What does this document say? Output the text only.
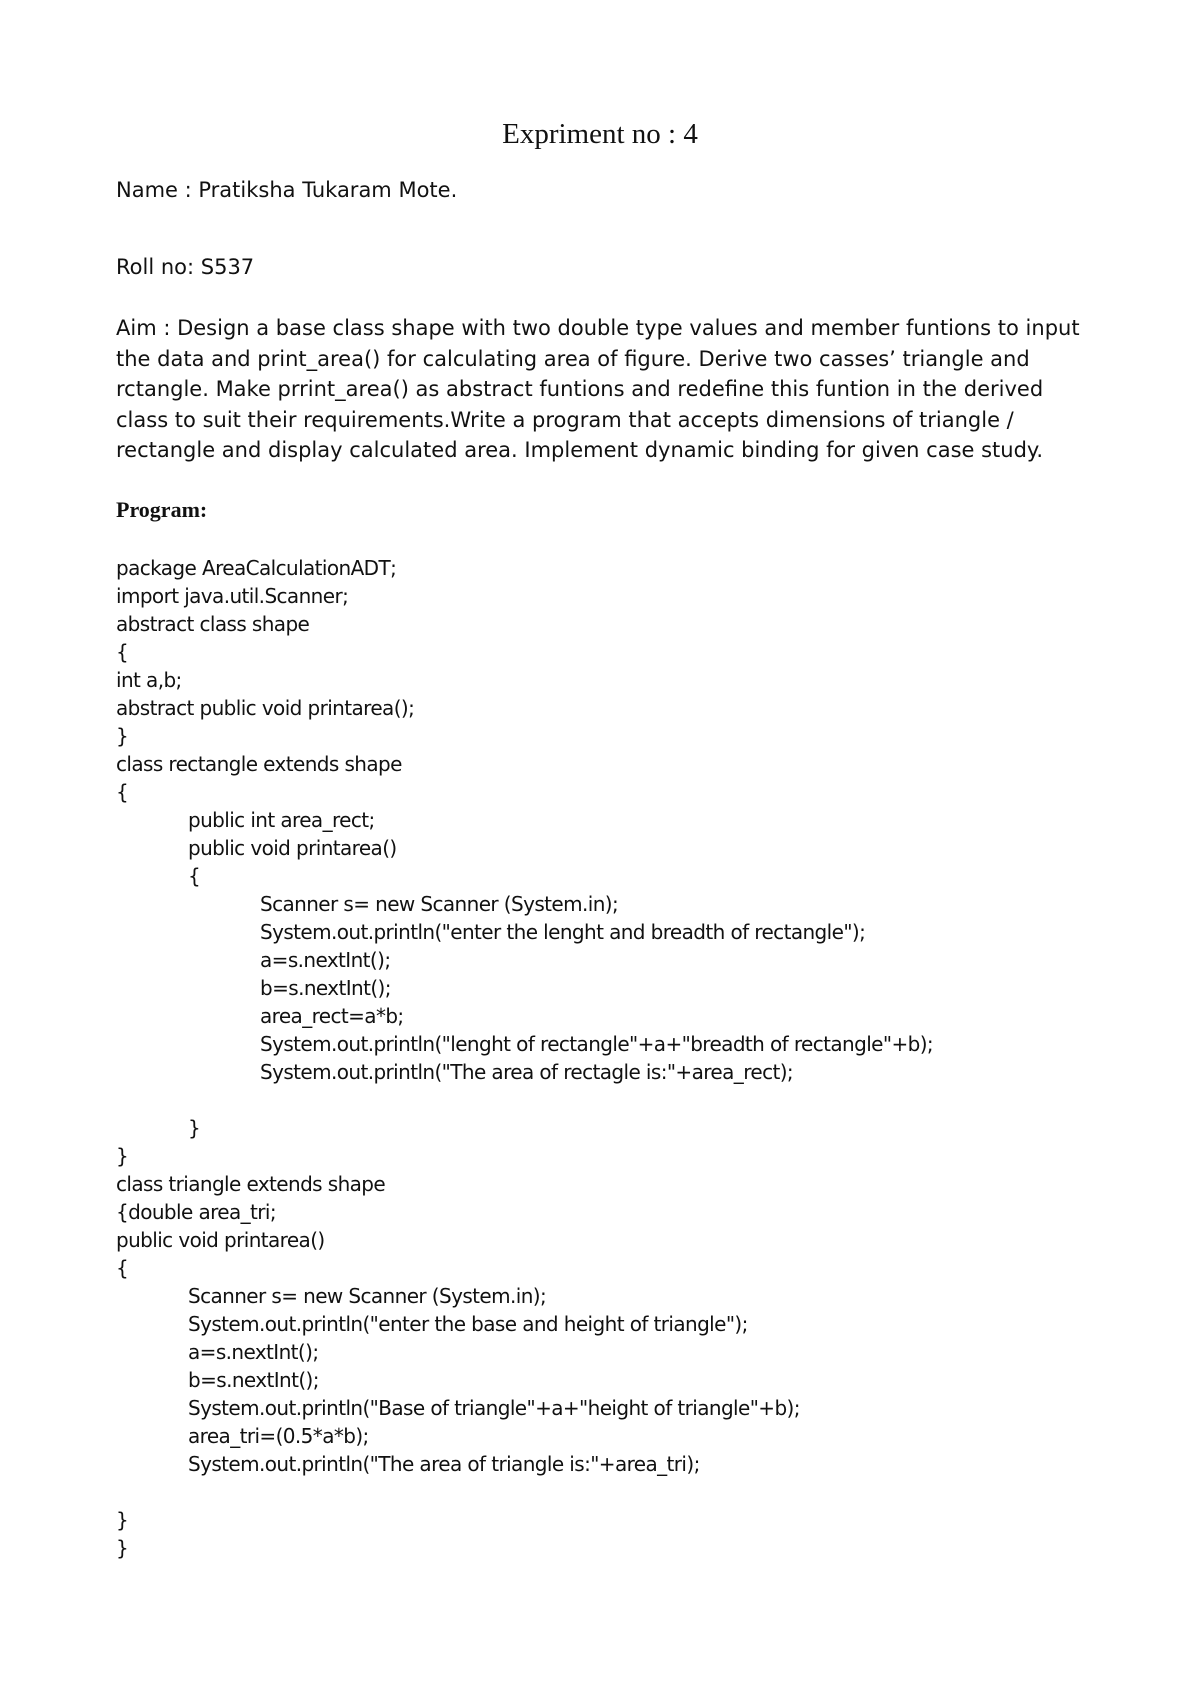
Expriment no : 4

Name : Pratiksha Tukaram Mote.

Roll no: S537

Aim : Design a base class shape with two double type values and member funtions to input the data and print_area() for calculating area of figure. Derive two casses’ triangle and rctangle. Make prrint_area() as abstract funtions and redefine this funtion in the derived class to suit their requirements.Write a program that accepts dimensions of triangle / rectangle and display calculated area. Implement dynamic binding for given case study.

Program:

package AreaCalculationADT;
import java.util.Scanner;
abstract class shape
{
int a,b;
abstract public void printarea();
}
class rectangle extends shape
{
public int area_rect;
public void printarea()
{
Scanner s= new Scanner (System.in);
System.out.println("enter the lenght and breadth of rectangle");
a=s.nextInt();
b=s.nextInt();
area_rect=a*b;
System.out.println("lenght of rectangle"+a+"breadth of rectangle"+b);
System.out.println("The area of rectagle is:"+area_rect);
}
}
class triangle extends shape
{double area_tri;
public void printarea()
{
Scanner s= new Scanner (System.in);
System.out.println("enter the base and height of triangle");
a=s.nextInt();
b=s.nextInt();
System.out.println("Base of triangle"+a+"height of triangle"+b);
area_tri=(0.5*a*b);
System.out.println("The area of triangle is:"+area_tri);
}
}
